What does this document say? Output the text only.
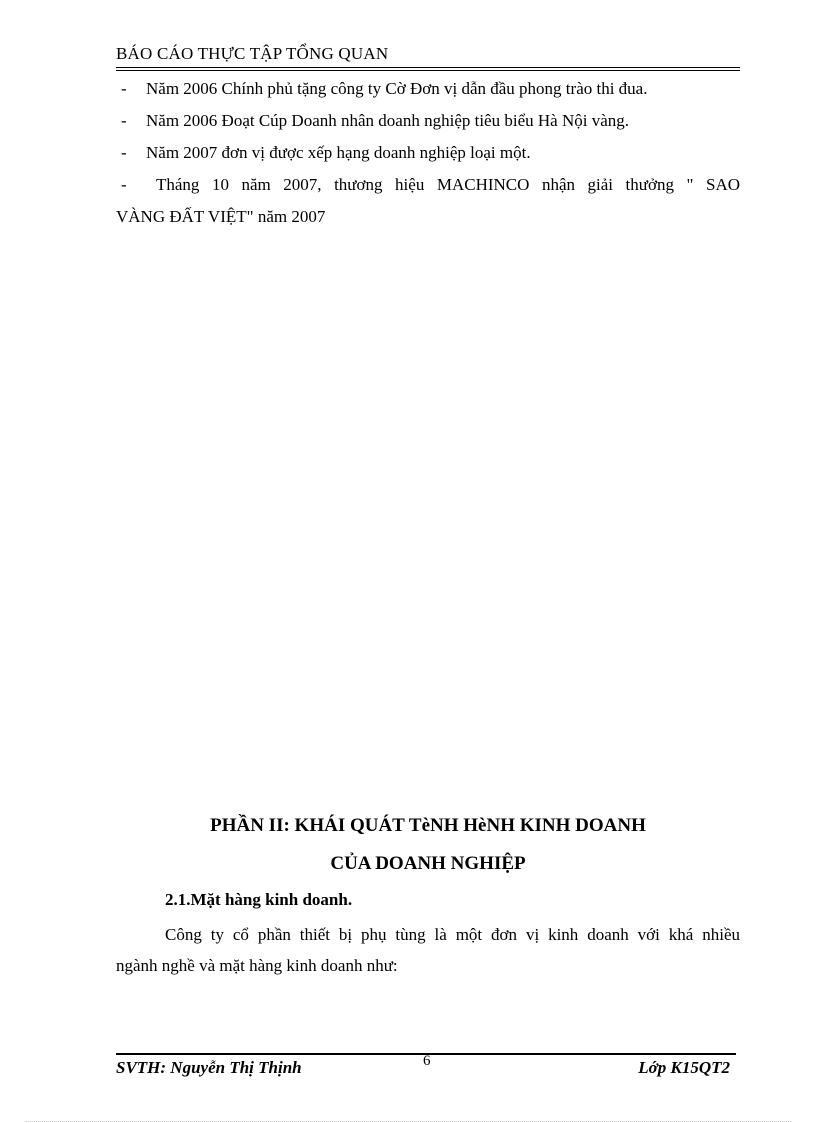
BÁO CÁO THỰC TẬP TỔNG QUAN
- Năm 2006 Chính phủ tặng công ty Cờ Đơn vị dẫn đầu phong trào thi đua.
- Năm 2006 Đoạt Cúp Doanh nhân doanh nghiệp tiêu biểu Hà Nội vàng.
- Năm 2007 đơn vị được xếp hạng doanh nghiệp loại một.
- Tháng 10 năm 2007, thương hiệu MACHINCO nhận giải thưởng " SAO
VÀNG ĐẤT VIỆT" năm 2007
PHẦN II: KHÁI QUÁT TèNH HèNH KINH DOANH
CỦA DOANH NGHIỆP
2.1.Mặt hàng kinh doanh.
Công ty cổ phần thiết bị phụ tùng là một đơn vị kinh doanh với khá nhiều
ngành nghề và mặt hàng kinh doanh như:
SVTH: Nguyễn Thị Thịnh	6	Lớp K15QT2
